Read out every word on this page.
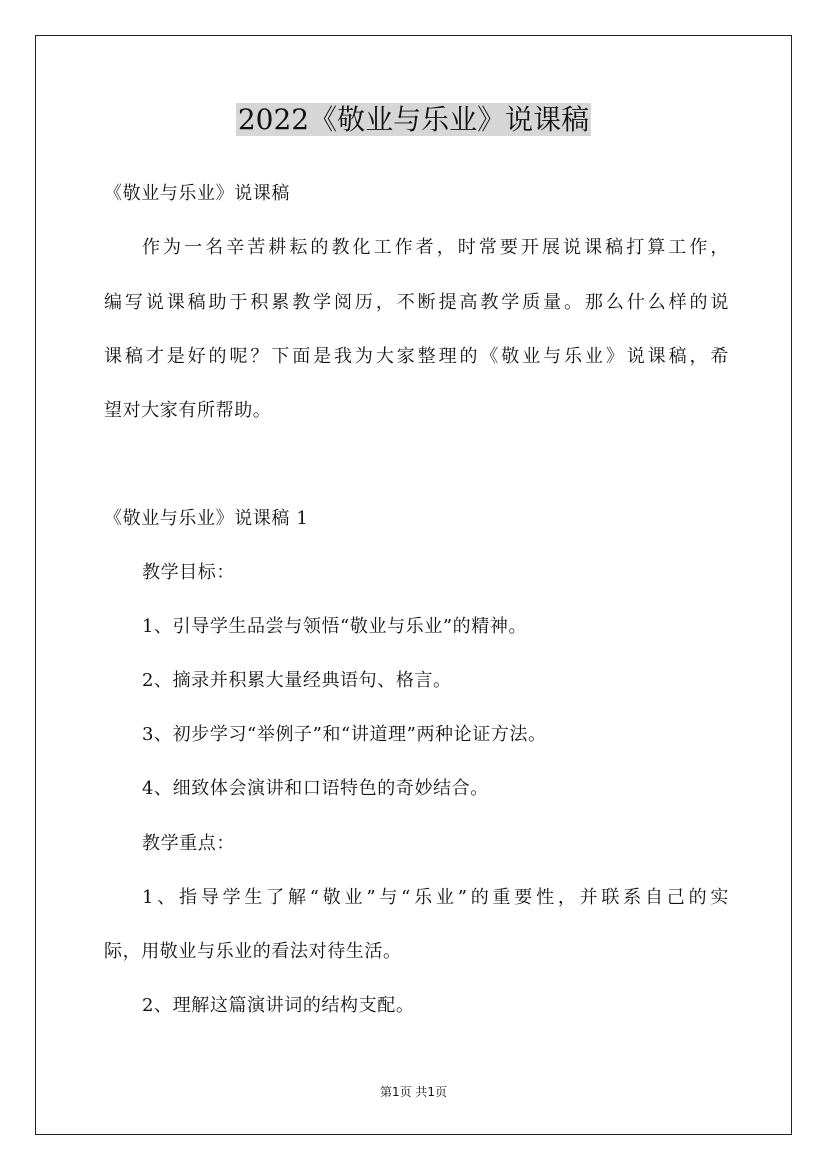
2022《敬业与乐业》说课稿
《敬业与乐业》说课稿
作为一名辛苦耕耘的教化工作者，时常要开展说课稿打算工作，
编写说课稿助于积累教学阅历，不断提高教学质量。那么什么样的说
课稿才是好的呢？下面是我为大家整理的《敬业与乐业》说课稿，希
望对大家有所帮助。
《敬业与乐业》说课稿 1
教学目标：
1、引导学生品尝与领悟“敬业与乐业”的精神。
2、摘录并积累大量经典语句、格言。
3、初步学习“举例子”和“讲道理”两种论证方法。
4、细致体会演讲和口语特色的奇妙结合。
教学重点：
1、指导学生了解“敬业”与“乐业”的重要性，并联系自己的实
际，用敬业与乐业的看法对待生活。
2、理解这篇演讲词的结构支配。
第1页 共1页
